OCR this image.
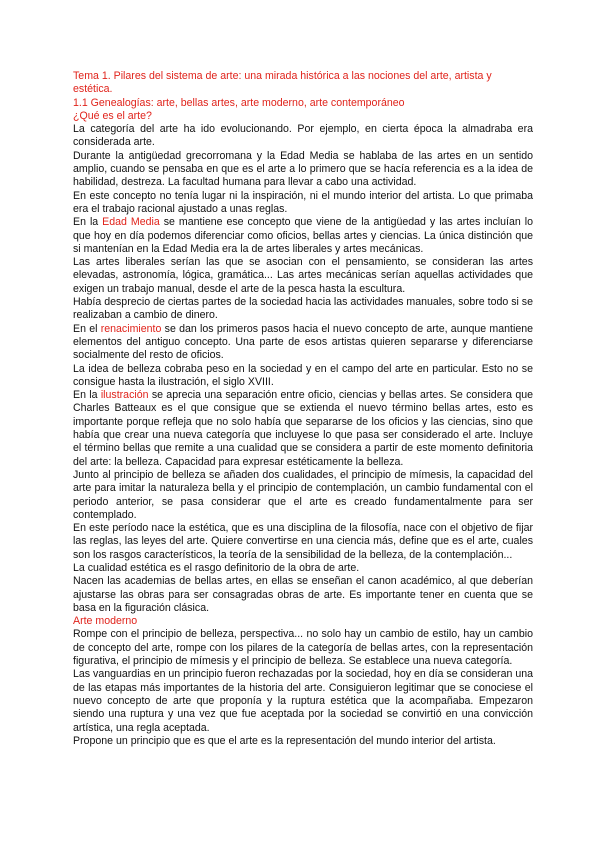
Tema 1. Pilares del sistema de arte: una mirada histórica a las nociones del arte, artista y estética.

1.1 Genealogías: arte, bellas artes, arte moderno, arte contemporáneo

¿Qué es el arte?

La categoría del arte ha ido evolucionando. Por ejemplo, en cierta época la almadraba era considerada arte.

Durante la antigüedad grecorromana y la Edad Media se hablaba de las artes en un sentido amplio, cuando se pensaba en que es el arte a lo primero que se hacía referencia es a la idea de habilidad, destreza. La facultad humana para llevar a cabo una actividad.

En este concepto no tenía lugar ni la inspiración, ni el mundo interior del artista. Lo que primaba era el trabajo racional ajustado a unas reglas.

En la Edad Media se mantiene ese concepto que viene de la antigüedad y las artes incluían lo que hoy en día podemos diferenciar como oficios, bellas artes y ciencias. La única distinción que si mantenían en la Edad Media era la de artes liberales y artes mecánicas.

Las artes liberales serían las que se asocian con el pensamiento, se consideran las artes elevadas, astronomía, lógica, gramática... Las artes mecánicas serían aquellas actividades que exigen un trabajo manual, desde el arte de la pesca hasta la escultura.

Había desprecio de ciertas partes de la sociedad hacia las actividades manuales, sobre todo si se realizaban a cambio de dinero.

En el renacimiento se dan los primeros pasos hacia el nuevo concepto de arte, aunque mantiene elementos del antiguo concepto. Una parte de esos artistas quieren separarse y diferenciarse socialmente del resto de oficios.

La idea de belleza cobraba peso en la sociedad y en el campo del arte en particular. Esto no se consigue hasta la ilustración, el siglo XVIII.

En la ilustración se aprecia una separación entre oficio, ciencias y bellas artes. Se considera que Charles Batteaux es el que consigue que se extienda el nuevo término bellas artes, esto es importante porque refleja que no solo había que separarse de los oficios y las ciencias, sino que había que crear una nueva categoría que incluyese lo que pasa ser considerado el arte. Incluye el término bellas que remite a una cualidad que se considera a partir de este momento definitoria del arte: la belleza. Capacidad para expresar estéticamente la belleza.

Junto al principio de belleza se añaden dos cualidades, el principio de mímesis, la capacidad del arte para imitar la naturaleza bella y el principio de contemplación, un cambio fundamental con el periodo anterior, se pasa considerar que el arte es creado fundamentalmente para ser contemplado.

En este período nace la estética, que es una disciplina de la filosofía, nace con el objetivo de fijar las reglas, las leyes del arte. Quiere convertirse en una ciencia más, define que es el arte, cuales son los rasgos característicos, la teoría de la sensibilidad de la belleza, de la contemplación...

La cualidad estética es el rasgo definitorio de la obra de arte.

Nacen las academias de bellas artes, en ellas se enseñan el canon académico, al que deberían ajustarse las obras para ser consagradas obras de arte. Es importante tener en cuenta que se basa en la figuración clásica.

Arte moderno

Rompe con el principio de belleza, perspectiva... no solo hay un cambio de estilo, hay un cambio de concepto del arte, rompe con los pilares de la categoría de bellas artes, con la representación figurativa, el principio de mímesis y el principio de belleza. Se establece una nueva categoría.

Las vanguardias en un principio fueron rechazadas por la sociedad, hoy en día se consideran una de las etapas más importantes de la historia del arte. Consiguieron legitimar que se conociese el nuevo concepto de arte que proponía y la ruptura estética que la acompañaba. Empezaron siendo una ruptura y una vez que fue aceptada por la sociedad se convirtió en una convicción artística, una regla aceptada.

Propone un principio que es que el arte es la representación del mundo interior del artista.
